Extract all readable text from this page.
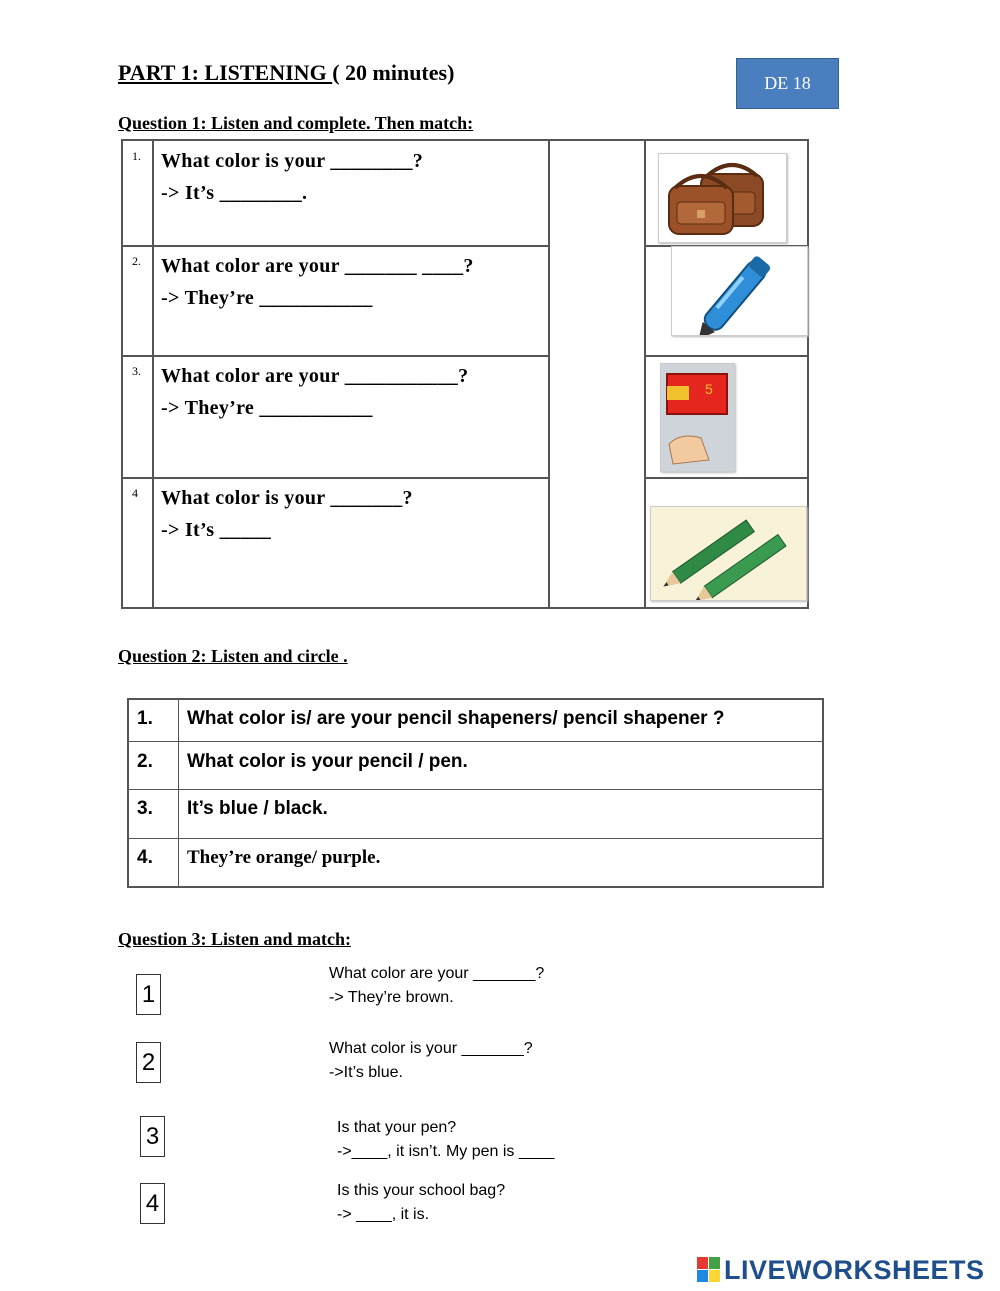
PART 1: LISTENING ( 20 minutes)	DE 18
Question 1: Listen and complete. Then match:
1. What color is your ________?
-> It’s ________.
2. What color are your _______ ____?
-> They’re ___________
3. What color are your ___________?
-> They’re ___________
4 What color is your _______?
-> It’s _____
5
Question 2: Listen and circle .
1. What color is/ are your pencil shapeners/ pencil shapener ?
2. What color is your pencil / pen.
3. It’s blue / black.
4. They’re orange/ purple.
Question 3: Listen and match:
1
What color are your _______?
-> They’re brown.
2	What color is your _______?
->It’s blue.
3	Is that your pen?
->____, it isn’t. My pen is ____
4	Is this your school bag?
-> ____, it is.
LIVEWORKSHEETS
